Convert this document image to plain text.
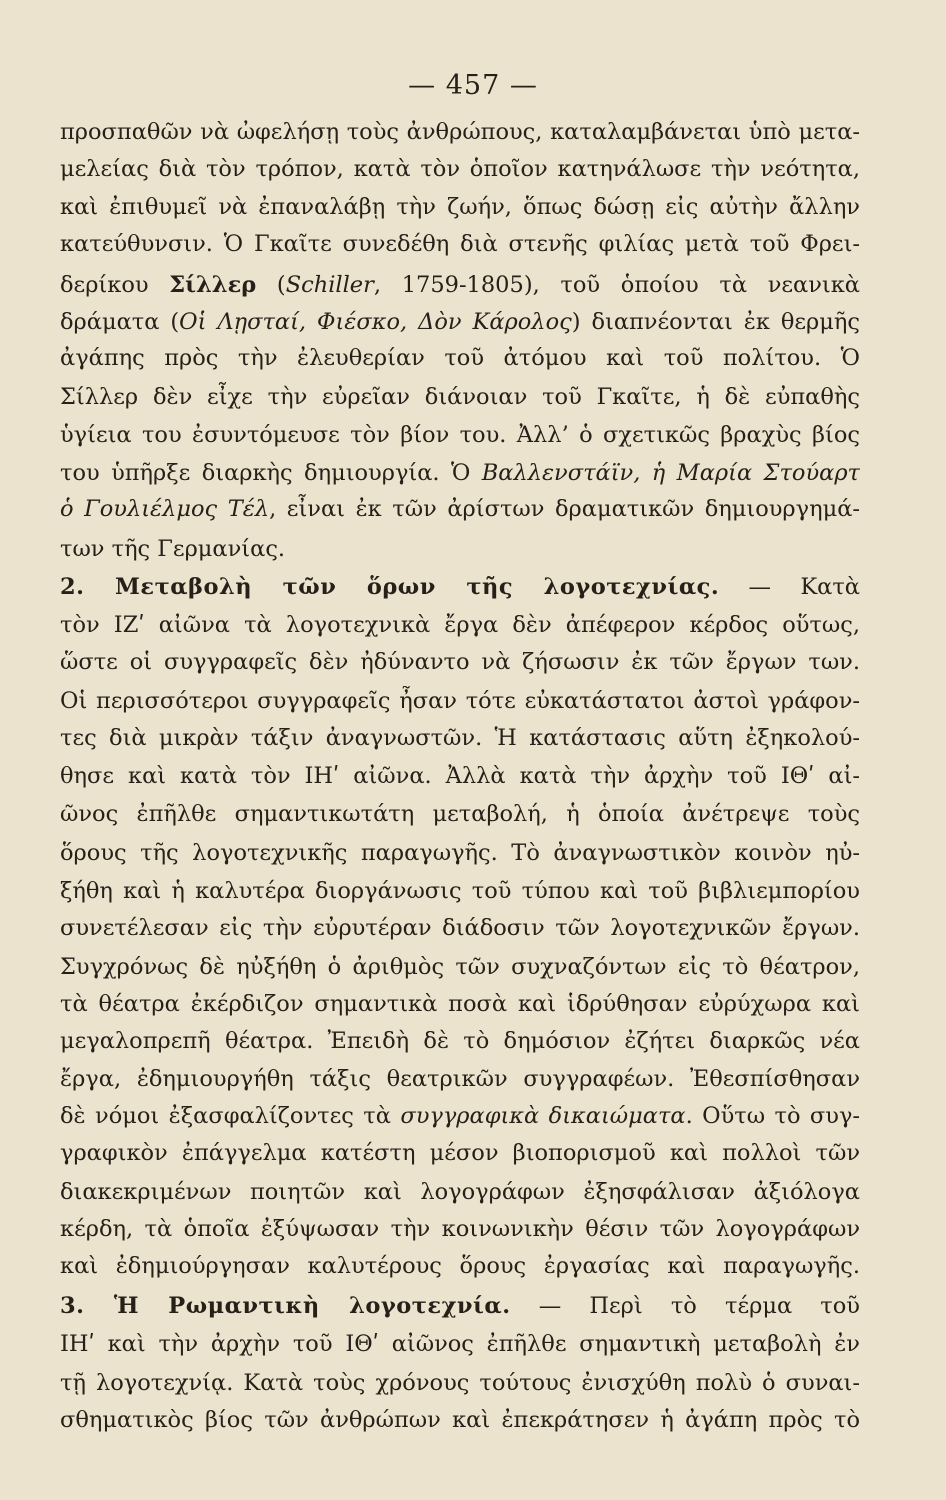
— 457 —
προσπαθῶν νὰ ὠφελήσῃ τοὺς ἀνθρώπους, καταλαμβάνεται ὑπὸ μετα-
μελείας διὰ τὸν τρόπον, κατὰ τὸν ὁποῖον κατηνάλωσε τὴν νεότητα,
καὶ ἐπιθυμεῖ νὰ ἐπαναλάβῃ τὴν ζωήν, ὅπως δώσῃ εἰς αὐτὴν ἄλλην
κατεύθυνσιν. Ὁ Γκαῖτε συνεδέθη διὰ στενῆς φιλίας μετὰ τοῦ Φρει-
δερίκου Σίλλερ (Schiller, 1759-1805), τοῦ ὁποίου τὰ νεανικὰ
δράματα (Οἱ Λῃσταί, Φιέσκο, Δὸν Κάρολος) διαπνέονται ἐκ θερμῆς
ἀγάπης πρὸς τὴν ἐλευθερίαν τοῦ ἀτόμου καὶ τοῦ πολίτου. Ὁ
Σίλλερ δὲν εἶχε τὴν εὐρεῖαν διάνοιαν τοῦ Γκαῖτε, ἡ δὲ εὐπαθὴς
ὑγίεια του ἐσυντόμευσε τὸν βίον του. Ἀλλ’ ὁ σχετικῶς βραχὺς βίος
του ὑπῆρξε διαρκὴς δημιουργία. Ὁ Βαλλενστάϊν, ἡ Μαρία Στούαρτ
ὁ Γουλιέλμος Τέλ, εἶναι ἐκ τῶν ἀρίστων δραματικῶν δημιουργημά-
των τῆς Γερμανίας.
2. Μεταβολὴ τῶν ὅρων τῆς λογοτεχνίας. — Κατὰ
τὸν ΙΖʹ αἰῶνα τὰ λογοτεχνικὰ ἔργα δὲν ἀπέφερον κέρδος οὕτως,
ὥστε οἱ συγγραφεῖς δὲν ἠδύναντο νὰ ζήσωσιν ἐκ τῶν ἔργων των.
Οἱ περισσότεροι συγγραφεῖς ἦσαν τότε εὐκατάστατοι ἀστοὶ γράφον-
τες διὰ μικρὰν τάξιν ἀναγνωστῶν. Ἡ κατάστασις αὕτη ἐξηκολού-
θησε καὶ κατὰ τὸν ΙΗʹ αἰῶνα. Ἀλλὰ κατὰ τὴν ἀρχὴν τοῦ ΙΘʹ αἰ-
ῶνος ἐπῆλθε σημαντικωτάτη μεταβολή, ἡ ὁποία ἀνέτρεψε τοὺς
ὅρους τῆς λογοτεχνικῆς παραγωγῆς. Τὸ ἀναγνωστικὸν κοινὸν ηὐ-
ξήθη καὶ ἡ καλυτέρα διοργάνωσις τοῦ τύπου καὶ τοῦ βιβλιεμπορίου
συνετέλεσαν εἰς τὴν εὐρυτέραν διάδοσιν τῶν λογοτεχνικῶν ἔργων.
Συγχρόνως δὲ ηὐξήθη ὁ ἀριθμὸς τῶν συχναζόντων εἰς τὸ θέατρον,
τὰ θέατρα ἐκέρδιζον σημαντικὰ ποσὰ καὶ ἱδρύθησαν εὐρύχωρα καὶ
μεγαλοπρεπῆ θέατρα. Ἐπειδὴ δὲ τὸ δημόσιον ἐζήτει διαρκῶς νέα
ἔργα, ἐδημιουργήθη τάξις θεατρικῶν συγγραφέων. Ἐθεσπίσθησαν
δὲ νόμοι ἐξασφαλίζοντες τὰ συγγραφικὰ δικαιώματα. Οὕτω τὸ συγ-
γραφικὸν ἐπάγγελμα κατέστη μέσον βιοπορισμοῦ καὶ πολλοὶ τῶν
διακεκριμένων ποιητῶν καὶ λογογράφων ἐξησφάλισαν ἀξιόλογα
κέρδη, τὰ ὁποῖα ἐξύψωσαν τὴν κοινωνικὴν θέσιν τῶν λογογράφων
καὶ ἐδημιούργησαν καλυτέρους ὅρους ἐργασίας καὶ παραγωγῆς.
3. Ἡ Ρωμαντικὴ λογοτεχνία. — Περὶ τὸ τέρμα τοῦ
ΙΗʹ καὶ τὴν ἀρχὴν τοῦ ΙΘʹ αἰῶνος ἐπῆλθε σημαντικὴ μεταβολὴ ἐν
τῇ λογοτεχνίᾳ. Κατὰ τοὺς χρόνους τούτους ἐνισχύθη πολὺ ὁ συναι-
σθηματικὸς βίος τῶν ἀνθρώπων καὶ ἐπεκράτησεν ἡ ἀγάπη πρὸς τὸ
